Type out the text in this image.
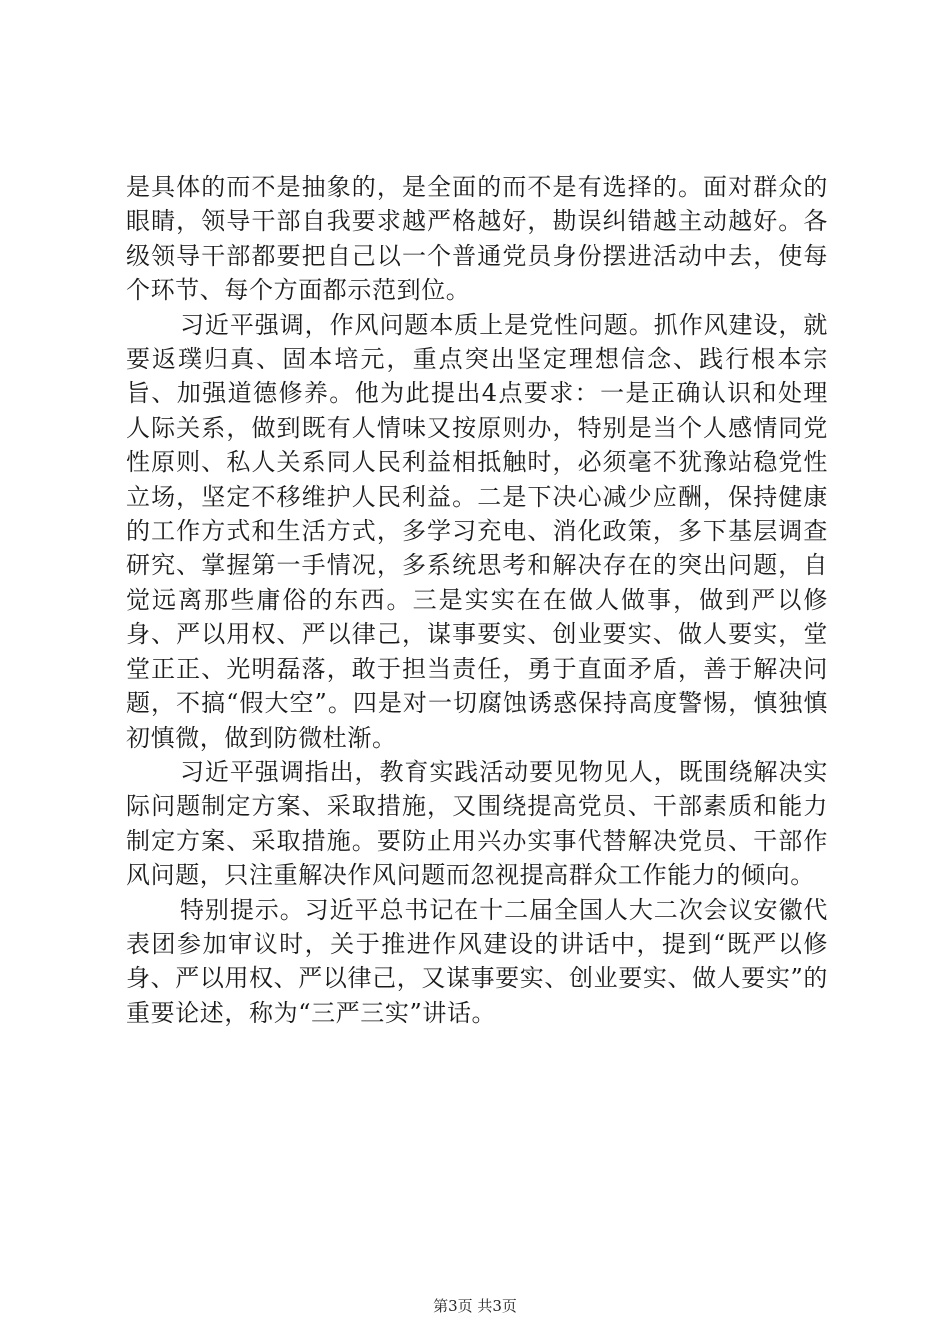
是具体的而不是抽象的，是全面的而不是有选择的。面对群众的眼睛，领导干部自我要求越严格越好，勘误纠错越主动越好。各级领导干部都要把自己以一个普通党员身份摆进活动中去，使每个环节、每个方面都示范到位。

习近平强调，作风问题本质上是党性问题。抓作风建设，就要返璞归真、固本培元，重点突出坚定理想信念、践行根本宗旨、加强道德修养。他为此提出4点要求：一是正确认识和处理人际关系，做到既有人情味又按原则办，特别是当个人感情同党性原则、私人关系同人民利益相抵触时，必须毫不犹豫站稳党性立场，坚定不移维护人民利益。二是下决心减少应酬，保持健康的工作方式和生活方式，多学习充电、消化政策，多下基层调查研究、掌握第一手情况，多系统思考和解决存在的突出问题，自觉远离那些庸俗的东西。三是实实在在做人做事，做到严以修身、严以用权、严以律己，谋事要实、创业要实、做人要实，堂堂正正、光明磊落，敢于担当责任，勇于直面矛盾，善于解决问题，不搞“假大空”。四是对一切腐蚀诱惑保持高度警惕，慎独慎初慎微，做到防微杜渐。

习近平强调指出，教育实践活动要见物见人，既围绕解决实际问题制定方案、采取措施，又围绕提高党员、干部素质和能力制定方案、采取措施。要防止用兴办实事代替解决党员、干部作风问题，只注重解决作风问题而忽视提高群众工作能力的倾向。

特别提示。习近平总书记在十二届全国人大二次会议安徽代表团参加审议时，关于推进作风建设的讲话中，提到“既严以修身、严以用权、严以律己，又谋事要实、创业要实、做人要实”的重要论述，称为“三严三实”讲话。

第3页 共3页
